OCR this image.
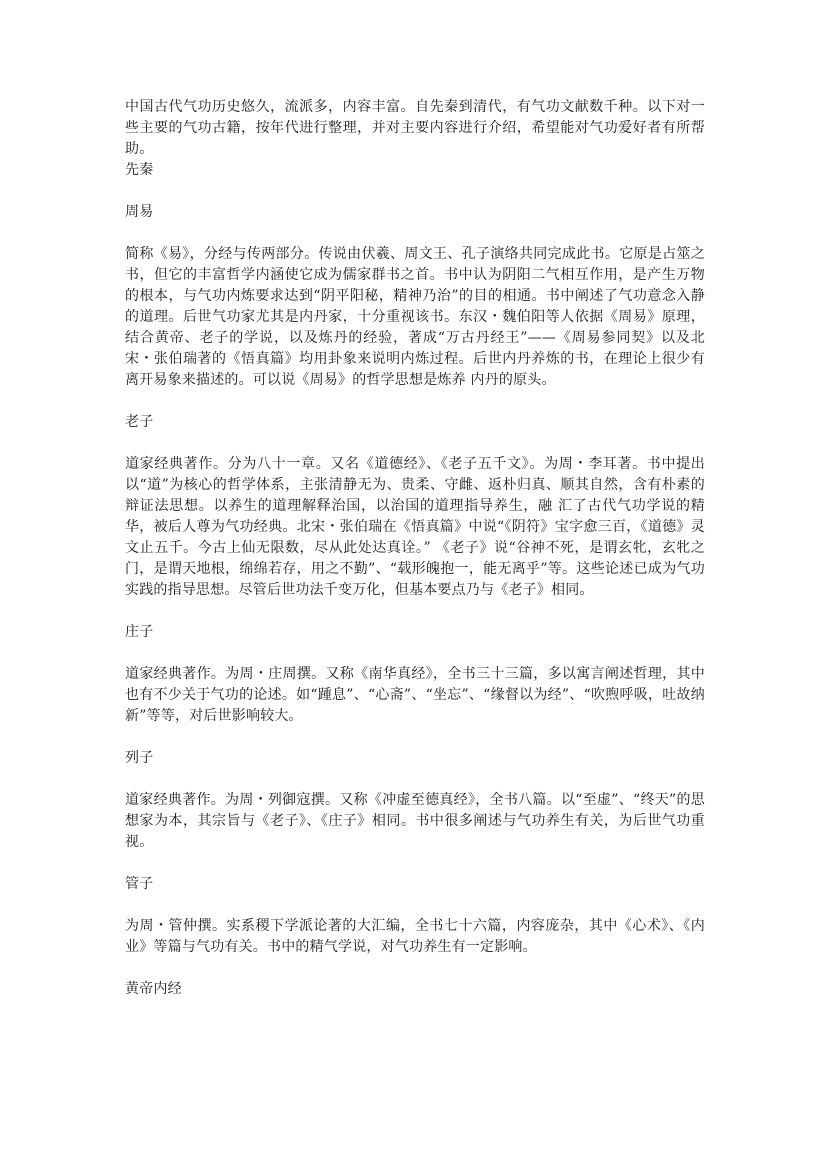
中国古代气功历史悠久，流派多，内容丰富。自先秦到清代，有气功文献数千种。以下对一些主要的气功古籍，按年代进行整理，并对主要内容进行介绍，希望能对气功爱好者有所帮助。

先秦

周易

简称《易》，分经与传两部分。传说由伏羲、周文王、孔子演络共同完成此书。它原是占筮之书，但它的丰富哲学内涵使它成为儒家群书之首。书中认为阴阳二气相互作用，是产生万物的根本，与气功内炼要求达到“阴平阳秘，精神乃治”的目的相通。书中阐述了气功意念入静的道理。后世气功家尤其是内丹家，十分重视该书。东汉・魏伯阳等人依据《周易》原理，结合黄帝、老子的学说，以及炼丹的经验，著成“万古丹经王”——《周易参同契》以及北宋・张伯瑞著的《悟真篇》均用卦象来说明内炼过程。后世内丹养炼的书，在理论上很少有离开易象来描述的。可以说《周易》的哲学思想是炼养 内丹的原头。

老子

道家经典著作。分为八十一章。又名《道德经》、《老子五千文》。为周・李耳著。书中提出以“道”为核心的哲学体系，主张清静无为、贵柔、守雌、返朴归真、顺其自然，含有朴素的辩证法思想。以养生的道理解释治国，以治国的道理指导养生，融 汇了古代气功学说的精华，被后人尊为气功经典。北宋・张伯瑞在《悟真篇》中说“《阴符》宝字愈三百，《道德》灵文止五千。今古上仙无限数，尽从此处达真诠。” 《老子》说“谷神不死，是谓玄牝，玄牝之门，是谓天地根，绵绵若存，用之不勤”、“载形魄抱一，能无离乎”等。这些论述已成为气功实践的指导思想。尽管后世功法千变万化，但基本要点乃与《老子》相同。

庄子

道家经典著作。为周・庄周撰。又称《南华真经》，全书三十三篇，多以寓言阐述哲理，其中也有不少关于气功的论述。如“踵息”、“心斋”、“坐忘”、“缘督以为经”、“吹煦呼吸，吐故纳新”等等，对后世影响较大。

列子

道家经典著作。为周・列御寇撰。又称《冲虚至德真经》，全书八篇。以“至虚”、“终天”的思想家为本，其宗旨与《老子》、《庄子》相同。书中很多阐述与气功养生有关，为后世气功重视。

管子

为周・管仲撰。实系稷下学派论著的大汇编，全书七十六篇，内容庞杂，其中《心术》、《内业》等篇与气功有关。书中的精气学说，对气功养生有一定影响。

黄帝内经
